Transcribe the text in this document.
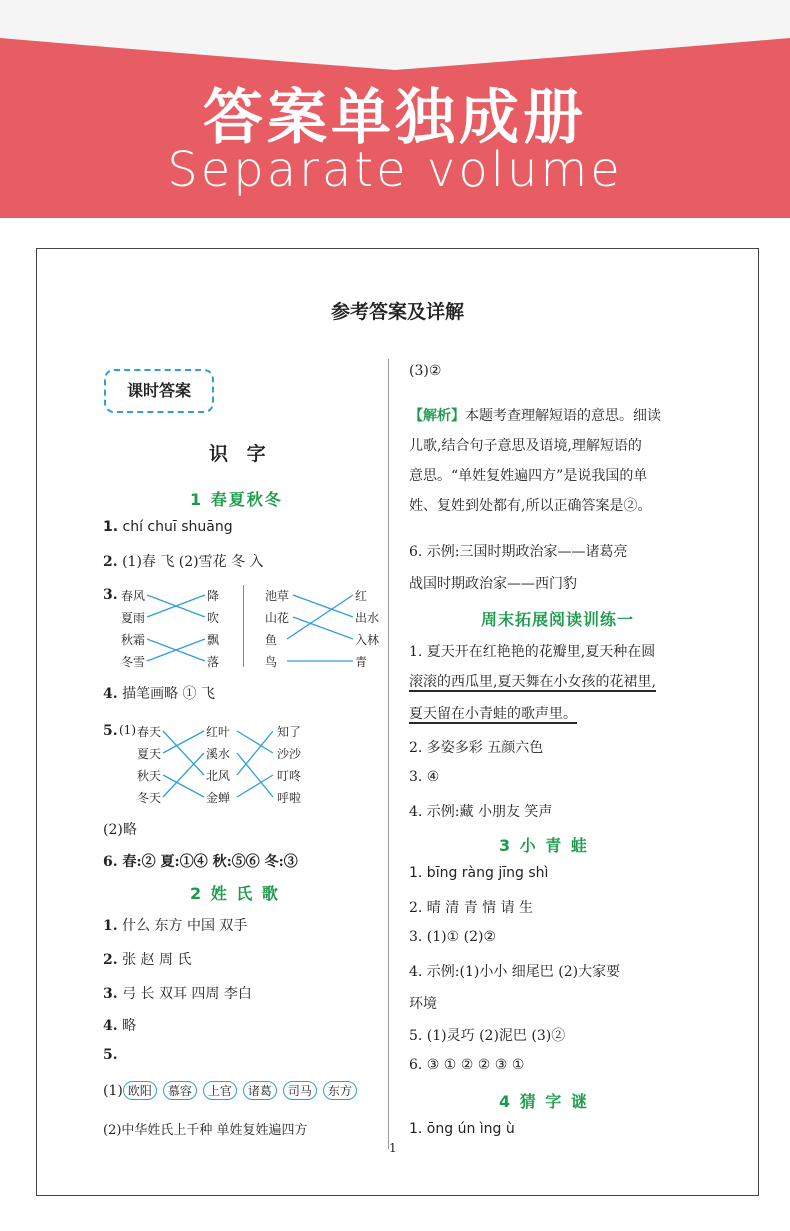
答案单独成册
Separate volume
参考答案及详解
课时答案
识 字
1 春夏秋冬
1. chí chuī shuāng
2. (1)春 飞 (2)雪花 冬 入
3. 春风
夏雨
秋霜
冬雪
降
吹
飘
落
池草
山花
鱼
鸟
红
出水
入林
青
4. 描笔画略 ① 飞
5. (1) 春天
夏天
秋天
冬天
红叶
溪水
北风
金蝉
知了
沙沙
叮咚
呼啦
(2)略
6. 春:② 夏:①④ 秋:⑤⑥ 冬:③
2 姓 氏 歌
1. 什么 东方 中国 双手
2. 张 赵 周 氏
3. 弓 长 双耳 四周 李白
4. 略
5.
(1) 欧阳 慕容 上官 诸葛 司马 东方
(2)中华姓氏上千种 单姓复姓遍四方
1
(3)②
【解析】本题考查理解短语的意思。细读
儿歌,结合句子意思及语境,理解短语的
意思。“单姓复姓遍四方”是说我国的单
姓、复姓到处都有,所以正确答案是②。
6. 示例:三国时期政治家——诸葛亮
战国时期政治家——西门豹
周末拓展阅读训练一
1. 夏天开在红艳艳的花瓣里,夏天种在圆
滚滚的西瓜里,夏天舞在小女孩的花裙里,
夏天留在小青蛙的歌声里。
2. 多姿多彩 五颜六色
3. ④
4. 示例:藏 小朋友 笑声
3 小 青 蛙
1. bīng ràng jīng shì
2. 晴 清 青 情 请 生
3. (1)① (2)②
4. 示例:(1)小小 细尾巴 (2)大家要
环境
5. (1)灵巧 (2)泥巴 (3)②
6. ③ ① ② ② ③ ①
4 猜 字 谜
1. ōng ún ìng ù
